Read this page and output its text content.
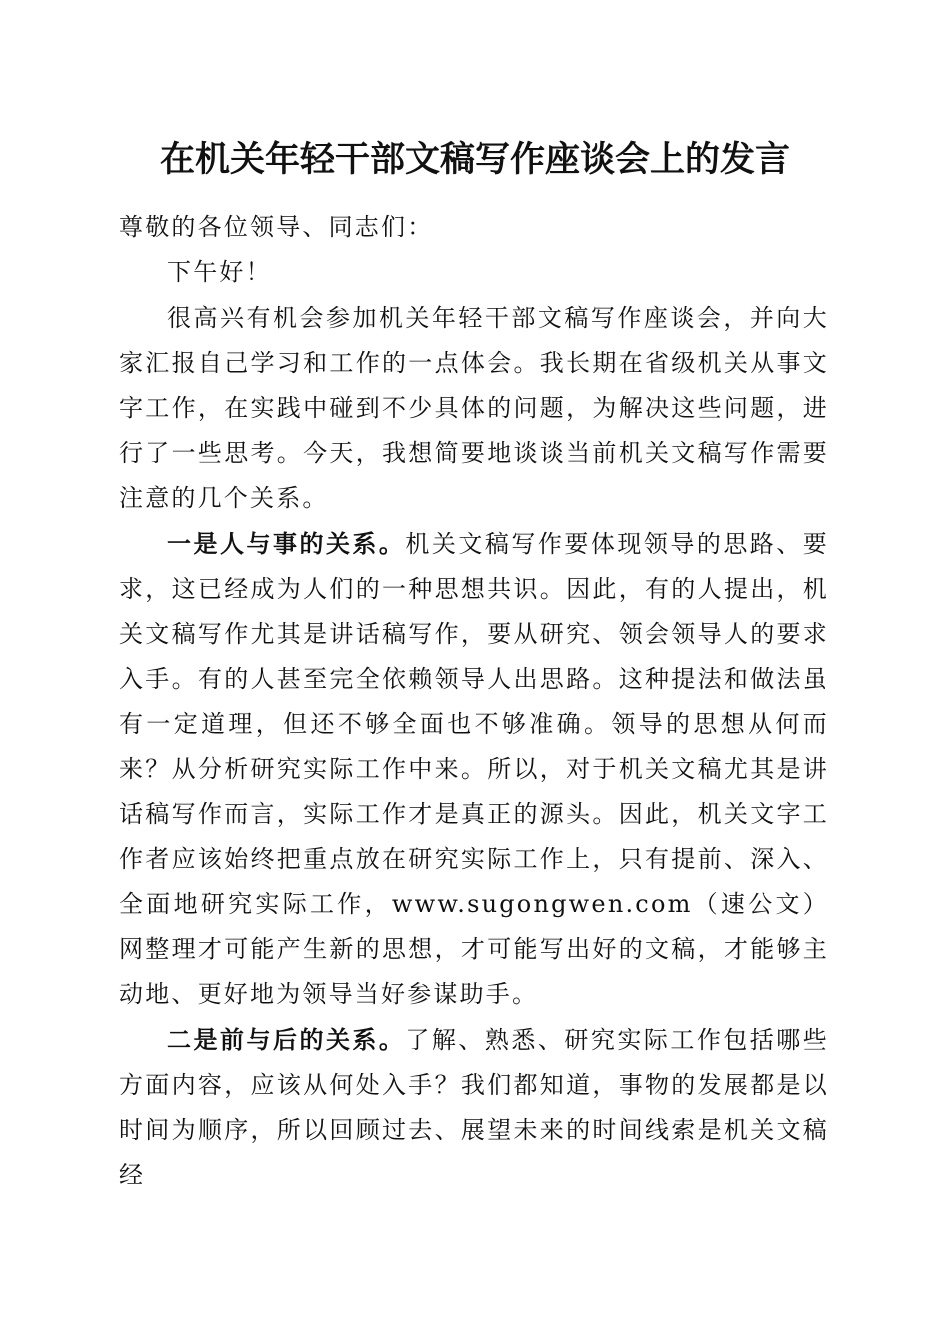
在机关年轻干部文稿写作座谈会上的发言

尊敬的各位领导、同志们：

下午好！

很高兴有机会参加机关年轻干部文稿写作座谈会，并向大家汇报自己学习和工作的一点体会。我长期在省级机关从事文字工作，在实践中碰到不少具体的问题，为解决这些问题，进行了一些思考。今天，我想简要地谈谈当前机关文稿写作需要注意的几个关系。

一是人与事的关系。机关文稿写作要体现领导的思路、要求，这已经成为人们的一种思想共识。因此，有的人提出，机关文稿写作尤其是讲话稿写作，要从研究、领会领导人的要求入手。有的人甚至完全依赖领导人出思路。这种提法和做法虽有一定道理，但还不够全面也不够准确。领导的思想从何而来？从分析研究实际工作中来。所以，对于机关文稿尤其是讲话稿写作而言，实际工作才是真正的源头。因此，机关文字工作者应该始终把重点放在研究实际工作上，只有提前、深入、全面地研究实际工作，www.sugongwen.com（速公文）网整理才可能产生新的思想，才可能写出好的文稿，才能够主动地、更好地为领导当好参谋助手。

二是前与后的关系。了解、熟悉、研究实际工作包括哪些方面内容，应该从何处入手？我们都知道，事物的发展都是以时间为顺序，所以回顾过去、展望未来的时间线索是机关文稿经
